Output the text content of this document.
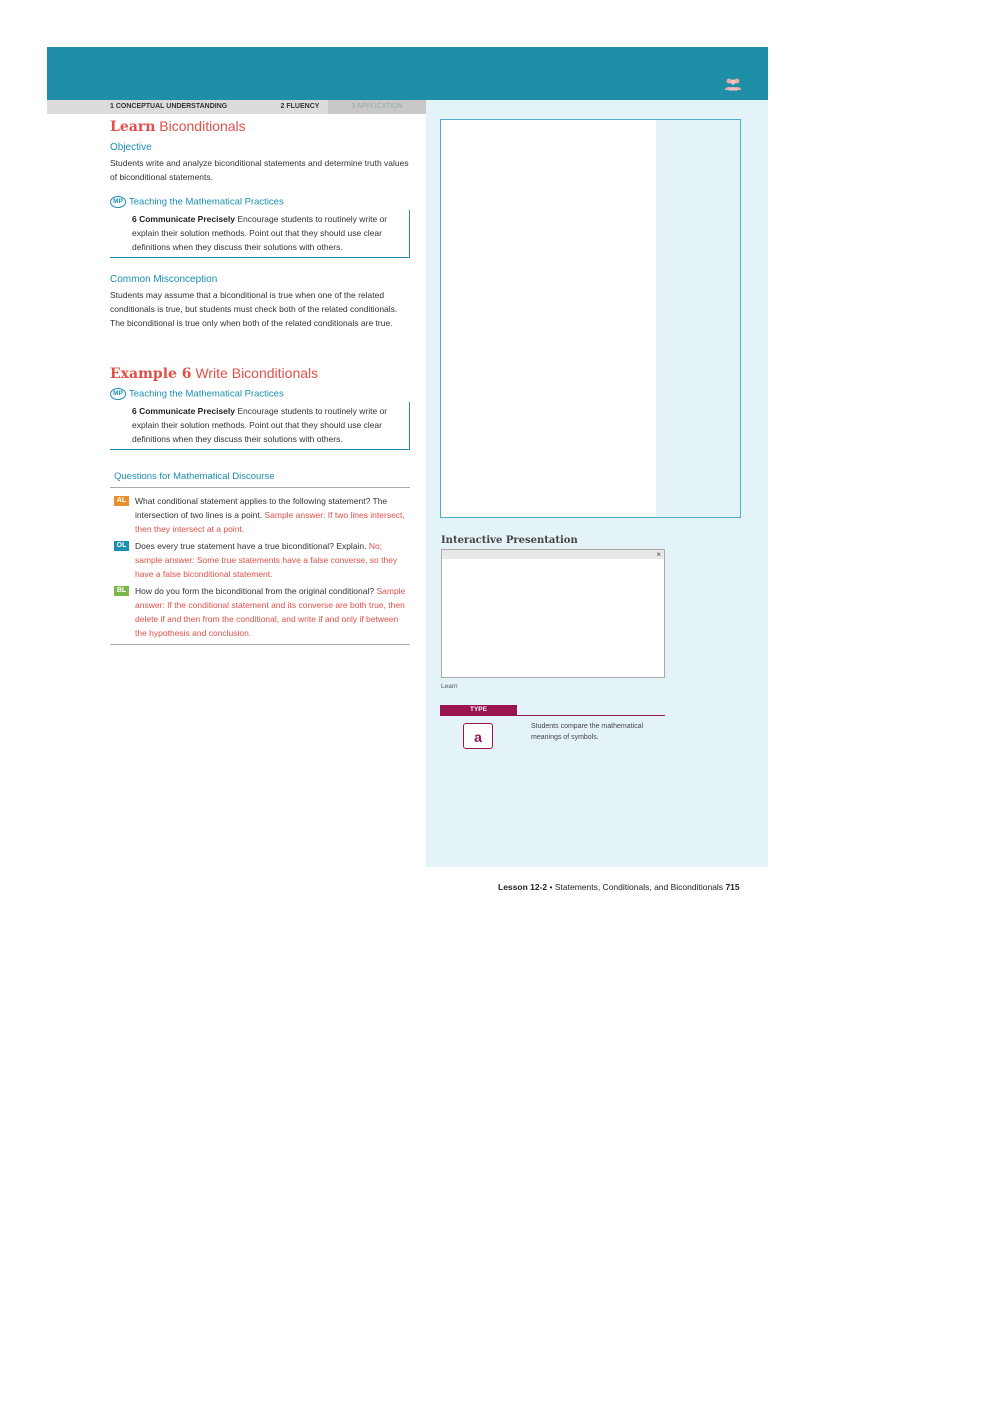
1 CONCEPTUAL UNDERSTANDING	2 FLUENCY	3 APPLICATION
Learn Biconditionals
Objective
Students write and analyze biconditional statements and determine truth values of biconditional statements.
MP Teaching the Mathematical Practices
6 Communicate Precisely Encourage students to routinely write or explain their solution methods. Point out that they should use clear definitions when they discuss their solutions with others.
Common Misconception
Students may assume that a biconditional is true when one of the related conditionals is true, but students must check both of the related conditionals. The biconditional is true only when both of the related conditionals are true.
Example 6 Write Biconditionals
MP Teaching the Mathematical Practices
6 Communicate Precisely Encourage students to routinely write or explain their solution methods. Point out that they should use clear definitions when they discuss their solutions with others.
Questions for Mathematical Discourse
AL	What conditional statement applies to the following statement? The intersection of two lines is a point. Sample answer: If two lines intersect, then they intersect at a point.
OL	Does every true statement have a true biconditional? Explain. No; sample answer: Some true statements have a false converse, so they have a false biconditional statement.
BL	How do you form the biconditional from the original conditional? Sample answer: If the conditional statement and its converse are both true, then delete if and then from the conditional, and write if and only if between the hypothesis and conclusion.
Interactive Presentation
×
Learn
TYPE
a
Students compare the mathematical meanings of symbols.
Lesson 12-2 • Statements, Conditionals, and Biconditionals 715
